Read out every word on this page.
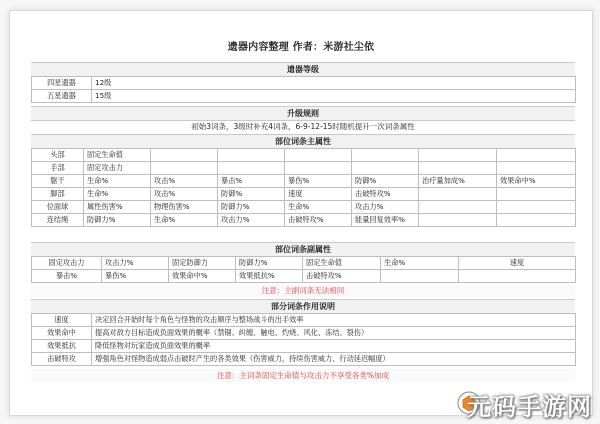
遗器内容整理 作者：米游社尘依
遗器等级
四星遗器	12级
五星遗器	15级
升级规则
初始3词条，3级时补充4词条，6-9-12-15时随机提升一次词条属性
部位词条主属性
头部	固定生命值						
手部	固定攻击力						
躯干	生命%	攻击%	暴击%	暴伤%	防御%	治疗量加成%	效果命中%
脚部	生命%	攻击%	防御%	速度	击破特攻%		
位面球	属性伤害%	物理伤害%	防御力%	生命%	攻击力%		
连结绳	防御力%	生命%	攻击力%	击破特攻%	能量回复效率%		
部位词条副属性
固定攻击力	攻击力%	固定防御力	防御力%	固定生命值	生命%	速度
暴击%	暴伤%	效果命中%	效果抵抗%	击破特攻%		
注意：主副词条无法相同
部分词条作用说明
速度	决定回合开始时每个角色与怪物的攻击顺序与整场战斗的出手效率
效果命中	提高对敌方目标造成负面效果的概率（禁锢、纠缠、触电、灼烧、风化、冻结、裂伤）
效果抵抗	降低怪物对玩家造成负面效果的概率
击破特攻	增强角色对怪物造成弱点击破时产生的各类效果（伤害威力，持续伤害威力、行动延迟幅度）
注意：主词条固定生命值与攻击力不享受各类%加成
元码手游网
